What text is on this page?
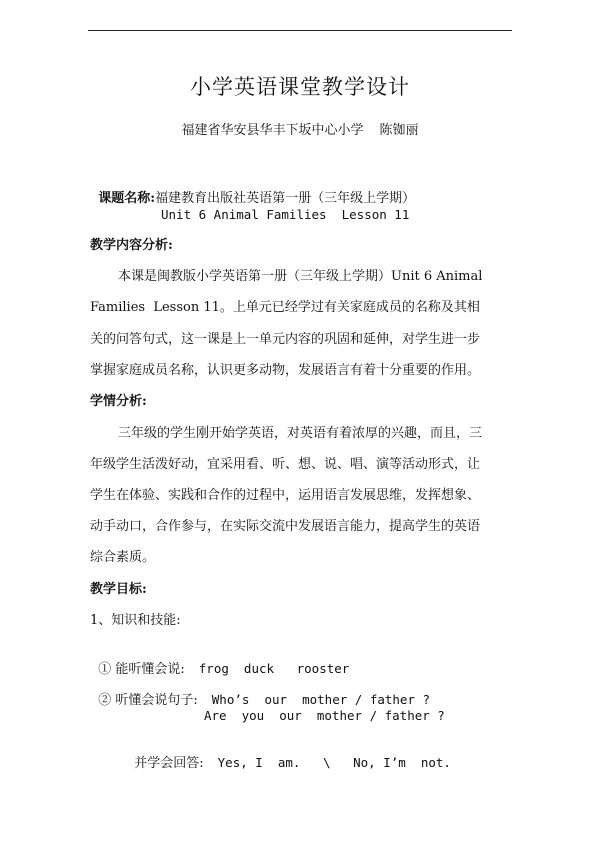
小学英语课堂教学设计
福建省华安县华丰下坂中心小学 陈铷丽

课题名称:福建教育出版社英语第一册（三年级上学期）

Unit 6 Animal Families  Lesson 11
教学内容分析:
本课是闽教版小学英语第一册（三年级上学期）Unit 6 Animal
Families  Lesson 11。上单元已经学过有关家庭成员的名称及其相
关的问答句式，这一课是上一单元内容的巩固和延伸，对学生进一步
掌握家庭成员名称，认识更多动物，发展语言有着十分重要的作用。
学情分析:
三年级的学生刚开始学英语，对英语有着浓厚的兴趣，而且，三
年级学生活泼好动，宜采用看、听、想、说、唱、演等活动形式，让
学生在体验、实践和合作的过程中，运用语言发展思维，发挥想象、
动手动口，合作参与，在实际交流中发展语言能力，提高学生的英语
综合素质。
教学目标:
1、知识和技能:

① 能听懂会说: frog  duck   rooster

② 听懂会说句子: Who’s  our  mother / father ?

Are  you  our  mother / father ?

并学会回答: Yes, I  am.   \   No, I’m  not.
